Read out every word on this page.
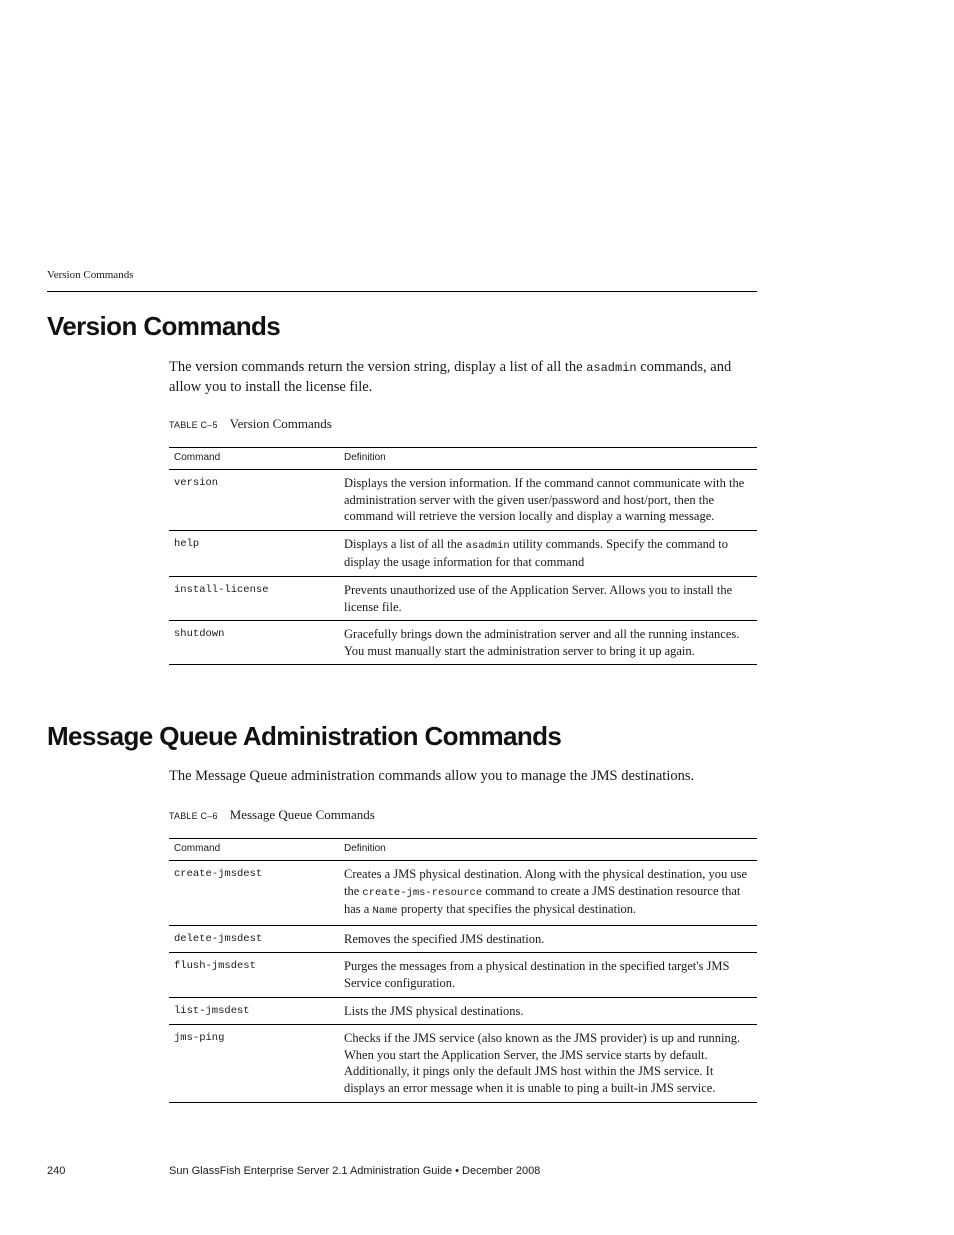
Version Commands
Version Commands

The version commands return the version string, display a list of all the asadmin commands, and allow you to install the license file.

TABLE C–5 Version Commands
Command	Definition
version	Displays the version information. If the command cannot communicate with the administration server with the given user/password and host/port, then the command will retrieve the version locally and display a warning message.
help	Displays a list of all the asadmin utility commands. Specify the command to display the usage information for that command
install-license	Prevents unauthorized use of the Application Server. Allows you to install the license file.
shutdown	Gracefully brings down the administration server and all the running instances. You must manually start the administration server to bring it up again.
Message Queue Administration Commands

The Message Queue administration commands allow you to manage the JMS destinations.

TABLE C–6 Message Queue Commands
Command	Definition
create-jmsdest	Creates a JMS physical destination. Along with the physical destination, you use the create-jms-resource command to create a JMS destination resource that has a Name property that specifies the physical destination.
delete-jmsdest	Removes the specified JMS destination.
flush-jmsdest	Purges the messages from a physical destination in the specified target's JMS Service configuration.
list-jmsdest	Lists the JMS physical destinations.
jms-ping	Checks if the JMS service (also known as the JMS provider) is up and running. When you start the Application Server, the JMS service starts by default. Additionally, it pings only the default JMS host within the JMS service. It displays an error message when it is unable to ping a built-in JMS service.
240	Sun GlassFish Enterprise Server 2.1 Administration Guide • December 2008
